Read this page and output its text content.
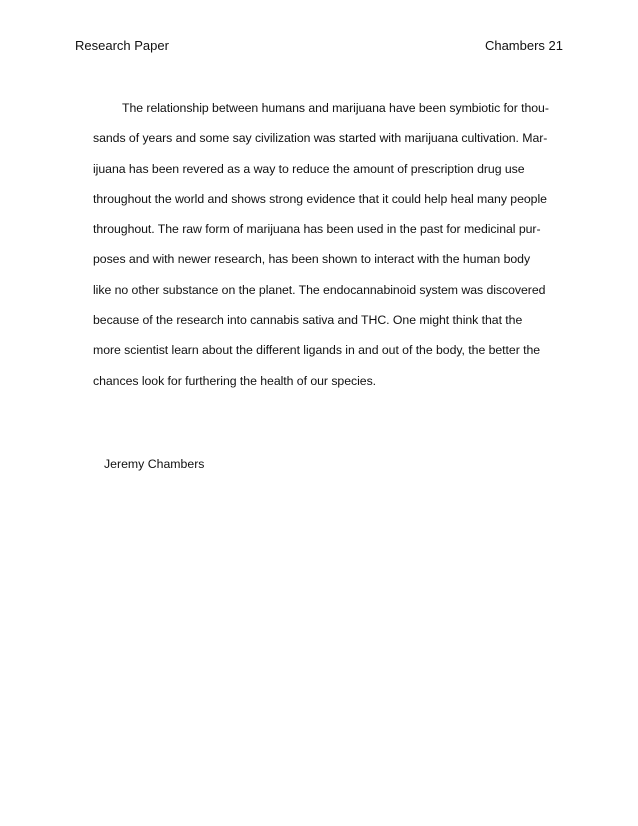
Research Paper	Chambers 21
The relationship between humans and marijuana have been symbiotic for thou-
sands of years and some say civilization was started with marijuana cultivation. Mar-
ijuana has been revered as a way to reduce the amount of prescription drug use
throughout the world and shows strong evidence that it could help heal many people
throughout. The raw form of marijuana has been used in the past for medicinal pur-
poses and with newer research, has been shown to interact with the human body
like no other substance on the planet. The endocannabinoid system was discovered
because of the research into cannabis sativa and THC. One might think that the
more scientist learn about the different ligands in and out of the body, the better the
chances look for furthering the health of our species.
Jeremy Chambers
